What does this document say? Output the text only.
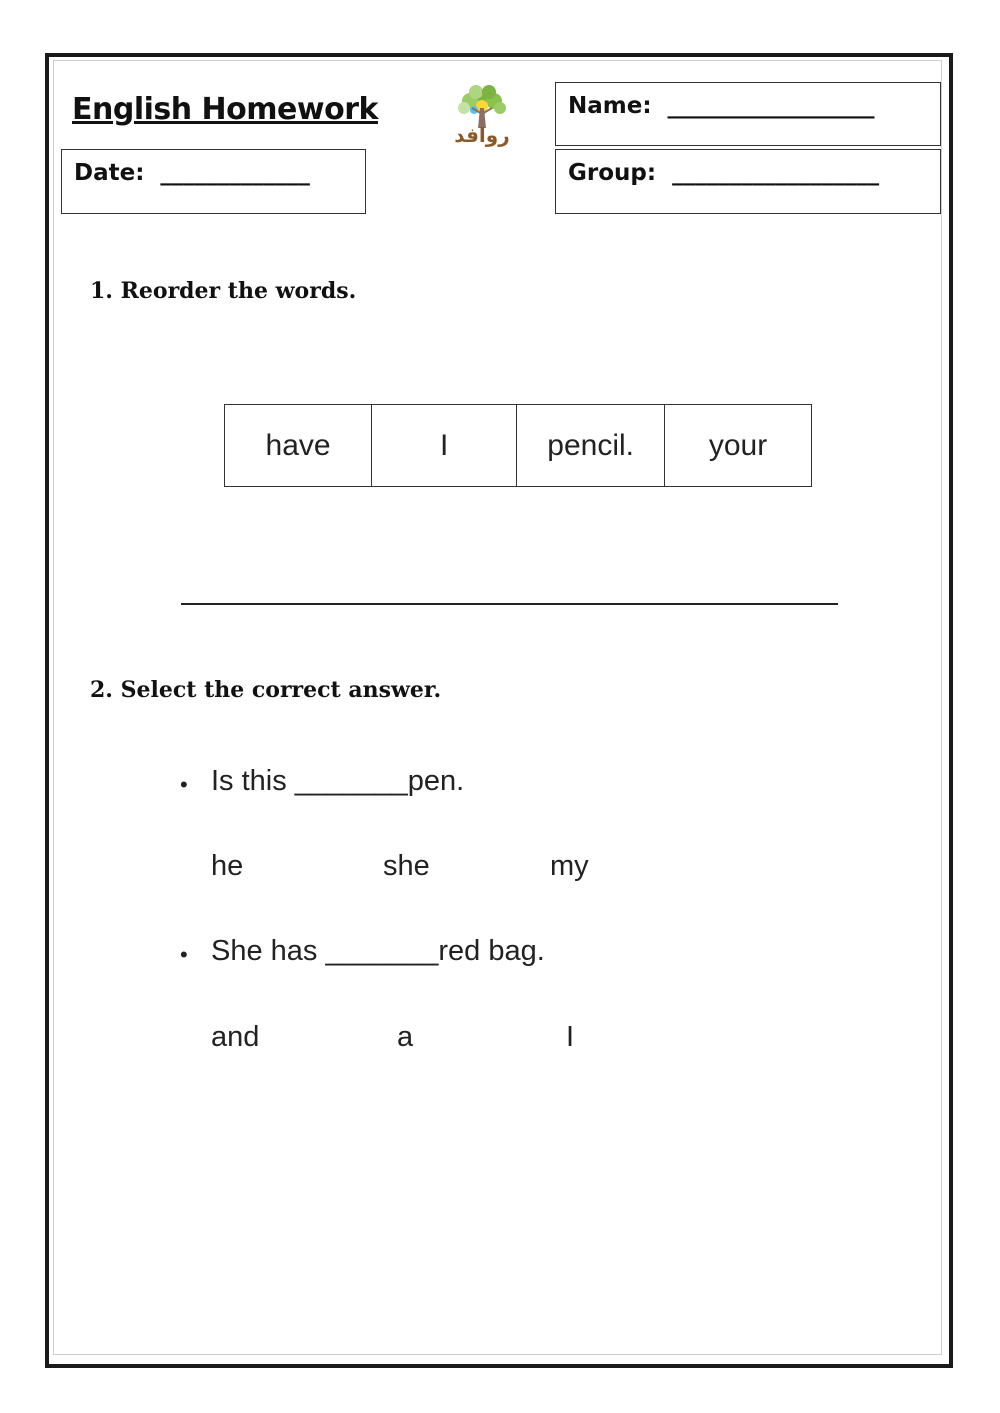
English Homework
روافد
Name:  __________________
Date:  _____________	Group:  __________________
1. Reorder the words.
have	I	pencil.	your
2. Select the correct answer.
• Is this _______pen.
he	she	my
• She has _______red bag.
and	a	I
